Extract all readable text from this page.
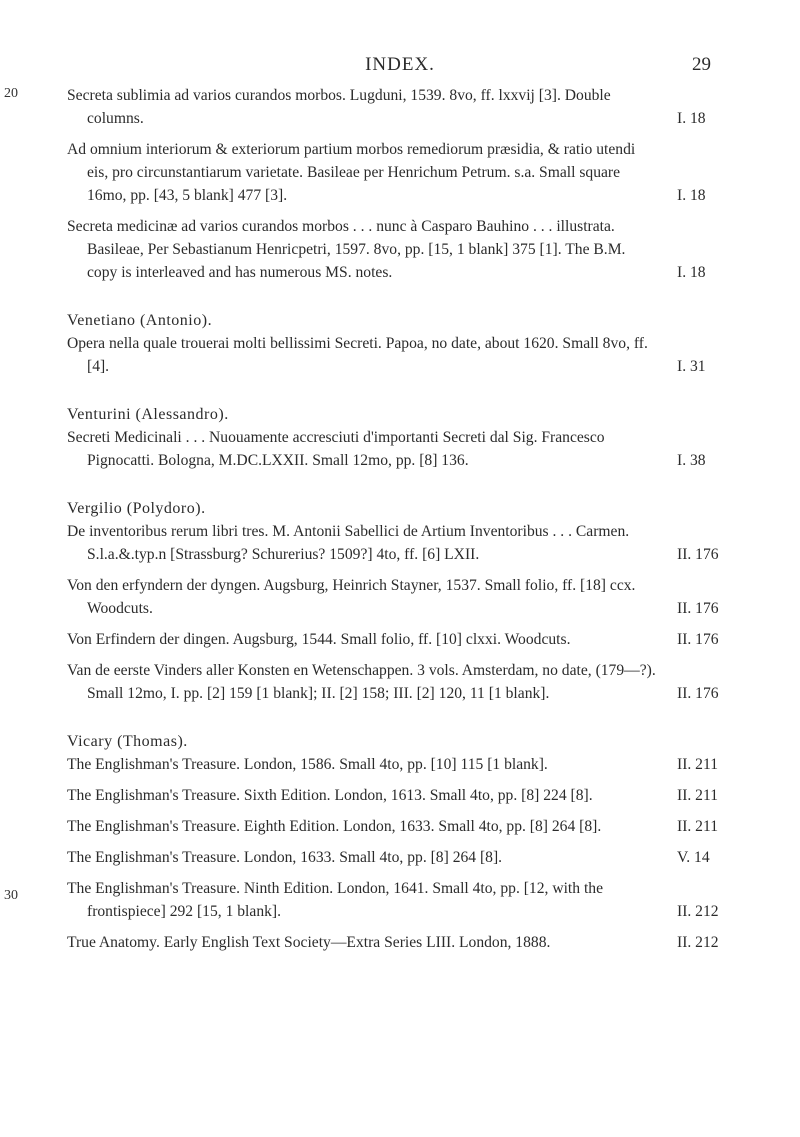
INDEX.	29
20
30
Secreta sublimia ad varios curandos morbos. Lugduni, 1539. 8vo, ff. lxxvij [3]. Double columns.	I. 18
Ad omnium interiorum & exteriorum partium morbos remediorum præsidia, & ratio utendi eis, pro circunstantiarum varietate. Basileae per Henrichum Petrum. s.a. Small square 16mo, pp. [43, 5 blank] 477 [3].	I. 18
Secreta medicinæ ad varios curandos morbos . . . nunc à Casparo Bauhino . . . illustrata. Basileae, Per Sebastianum Henricpetri, 1597. 8vo, pp. [15, 1 blank] 375 [1]. The B.M. copy is interleaved and has numerous MS. notes.	I. 18

Venetiano (Antonio).

Opera nella quale trouerai molti bellissimi Secreti. Papoa, no date, about 1620. Small 8vo, ff. [4].	I. 31

Venturini (Alessandro).

Secreti Medicinali . . . Nuouamente accresciuti d'importanti Secreti dal Sig. Francesco Pignocatti. Bologna, M.DC.LXXII. Small 12mo, pp. [8] 136.	I. 38

Vergilio (Polydoro).

De inventoribus rerum libri tres. M. Antonii Sabellici de Artium Inventoribus . . . Carmen. S.l.a.&.typ.n [Strassburg? Schurerius? 1509?] 4to, ff. [6] LXII.	II. 176
Von den erfyndern der dyngen. Augsburg, Heinrich Stayner, 1537. Small folio, ff. [18] ccx. Woodcuts.	II. 176
Von Erfindern der dingen. Augsburg, 1544. Small folio, ff. [10] clxxi. Woodcuts.	II. 176
Van de eerste Vinders aller Konsten en Wetenschappen. 3 vols. Amsterdam, no date, (179—?). Small 12mo, I. pp. [2] 159 [1 blank]; II. [2] 158; III. [2] 120, 11 [1 blank].	II. 176

Vicary (Thomas).

The Englishman's Treasure. London, 1586. Small 4to, pp. [10] 115 [1 blank].	II. 211
The Englishman's Treasure. Sixth Edition. London, 1613. Small 4to, pp. [8] 224 [8].	II. 211
The Englishman's Treasure. Eighth Edition. London, 1633. Small 4to, pp. [8] 264 [8].	II. 211
The Englishman's Treasure. London, 1633. Small 4to, pp. [8] 264 [8].	V. 14
The Englishman's Treasure. Ninth Edition. London, 1641. Small 4to, pp. [12, with the frontispiece] 292 [15, 1 blank].	II. 212
True Anatomy. Early English Text Society—Extra Series LIII. London, 1888.	II. 212
